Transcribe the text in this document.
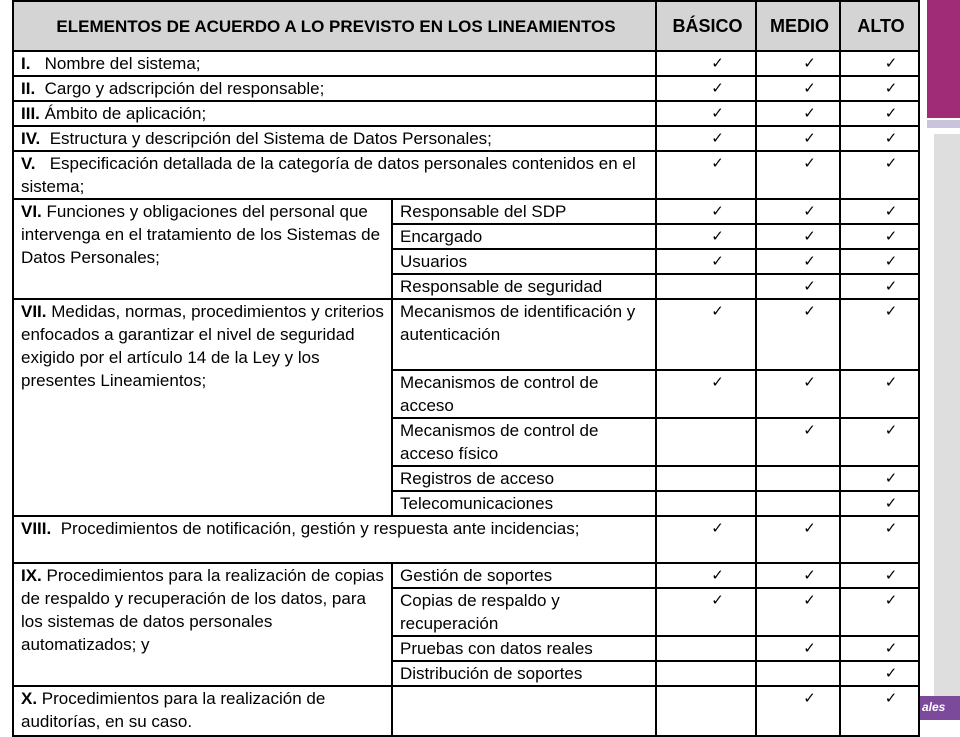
ales
ELEMENTOS DE ACUERDO A LO PREVISTO EN LOS LINEAMIENTOS		BÁSICO	MEDIO	ALTO
I. Nombre del sistema;		✓	✓	✓
II. Cargo y adscripción del responsable;		✓	✓	✓
III. Ámbito de aplicación;		✓	✓	✓
IV. Estructura y descripción del Sistema de Datos Personales;		✓	✓	✓
V. Especificación detallada de la categoría de datos personales contenidos en el sistema;		✓	✓	✓
VI. Funciones y obligaciones del personal que intervenga en el tratamiento de los Sistemas de Datos Personales;	Responsable del SDP	✓	✓	✓
	Encargado	✓	✓	✓
	Usuarios	✓	✓	✓
	Responsable de seguridad		✓	✓
VII. Medidas, normas, procedimientos y criterios enfocados a garantizar el nivel de seguridad exigido por el artículo 14 de la Ley y los presentes Lineamientos;	Mecanismos de identificación y autenticación	✓	✓	✓
	Mecanismos de control de acceso	✓	✓	✓
	Mecanismos de control de acceso físico		✓	✓
	Registros de acceso			✓
	Telecomunicaciones			✓
VIII. Procedimientos de notificación, gestión y respuesta ante incidencias;		✓	✓	✓
IX. Procedimientos para la realización de copias de respaldo y recuperación de los datos, para los sistemas de datos personales automatizados; y	Gestión de soportes	✓	✓	✓
	Copias de respaldo y recuperación	✓	✓	✓
	Pruebas con datos reales		✓	✓
	Distribución de soportes			✓
X. Procedimientos para la realización de auditorías, en su caso.			✓	✓
